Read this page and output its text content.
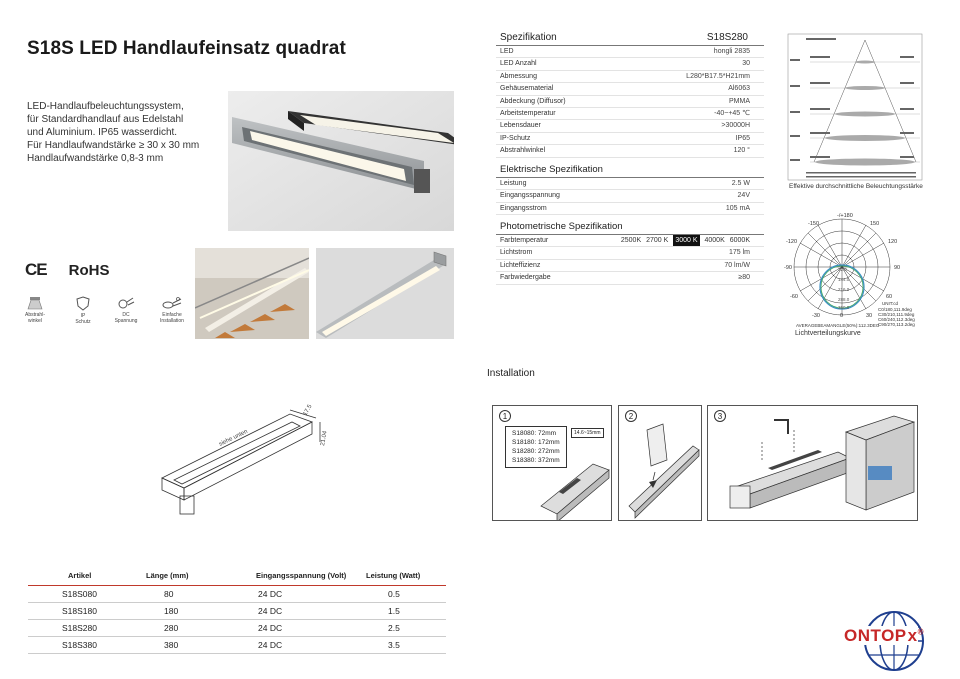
S18S LED Handlaufeinsatz quadrat
LED-Handlaufbeleuchtungssystem,
für Standardhandlauf aus Edelstahl
und Aluminium. IP65 wasserdicht.
Für Handlaufwandstärke ≥ 30 x 30 mm
Handlaufwandstärke 0,8-3 mm
CE RoHS
Abstrahl-
winkel
IP
Schutz
DC
Spannung
Einfache
Installation
Spezifikation	S18S280
LED	hongli 2835
LED Anzahl	30
Abmessung	L280*B17.5*H21mm
Gehäusematerial	Al6063
Abdeckung (Diffusor)	PMMA
Arbeitstemperatur	-40~+45 ℃
Lebensdauer	>30000H
IP-Schutz	IP65
Abstrahlwinkel	120 °
Elektrische Spezifikation
Leistung	2.5 W
Eingangsspannung	24V
Eingangsstrom	105 mA
Photometrische Spezifikation
Farbtemperatur	2500K 2700 K 3000 K 4000K 6000K
Lichtstrom	175 lm
Lichteffizienz	70 lm/W
Farbwiedergabe	≥80
Effektive durchschnittliche Beleuchtungsstärke
-/+180
-150	150
-120	120
-90	90
-60	60
-30	30
0
72.0
144.0
216.0
288.0
360.0
UNIT:cd
C0/180,111.9deg
C30/210,111.9deg
C60/240,112.3deg
C90/270,113.2deg
AVERAGEBEAMANGLE(50%):112.3DEG
Lichtverteilungskurve
siehe unten
17.5
21.04
Installation
1
S18080: 72mm
S18180: 172mm
S18280: 272mm
S18380: 372mm
14.6~15mm
2	3
Artikel	Länge (mm)	Eingangsspannung (Volt)	Leistung (Watt)
S18S080	80	24 DC	0.5
S18S180	180	24 DC	1.5
S18S280	280	24 DC	2.5
S18S380	380	24 DC	3.5	ONTOPx®
